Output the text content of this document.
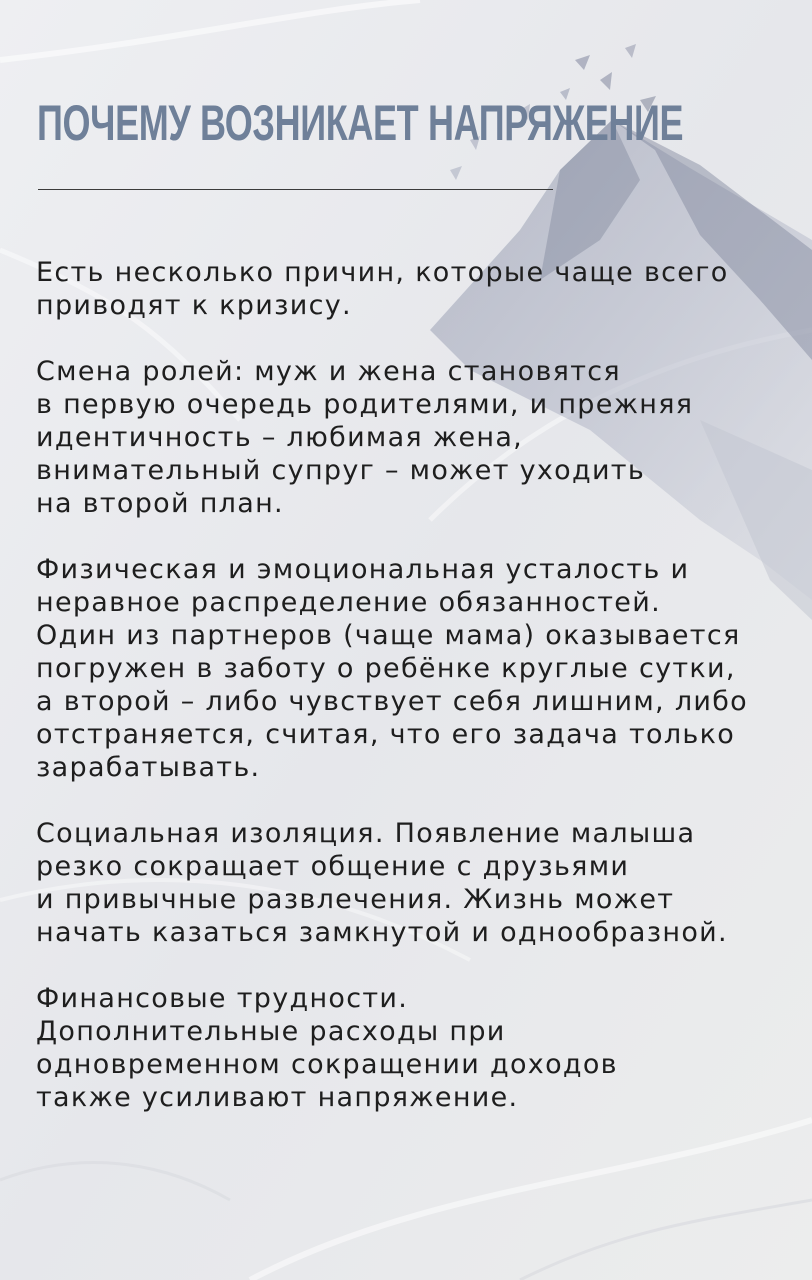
ПОЧЕМУ ВОЗНИКАЕТ НАПРЯЖЕНИЕ

Есть несколько причин, которые чаще всего
приводят к кризису.

Смена ролей: муж и жена становятся
в первую очередь родителями, и прежняя
идентичность – любимая жена,
внимательный супруг – может уходить
на второй план.

Физическая и эмоциональная усталость и
неравное распределение обязанностей.
Один из партнеров (чаще мама) оказывается
погружен в заботу о ребёнке круглые сутки,
а второй – либо чувствует себя лишним, либо
отстраняется, считая, что его задача только
зарабатывать.

Социальная изоляция. Появление малыша
резко сокращает общение с друзьями
и привычные развлечения. Жизнь может
начать казаться замкнутой и однообразной.

Финансовые трудности.
Дополнительные расходы при
одновременном сокращении доходов
также усиливают напряжение.
